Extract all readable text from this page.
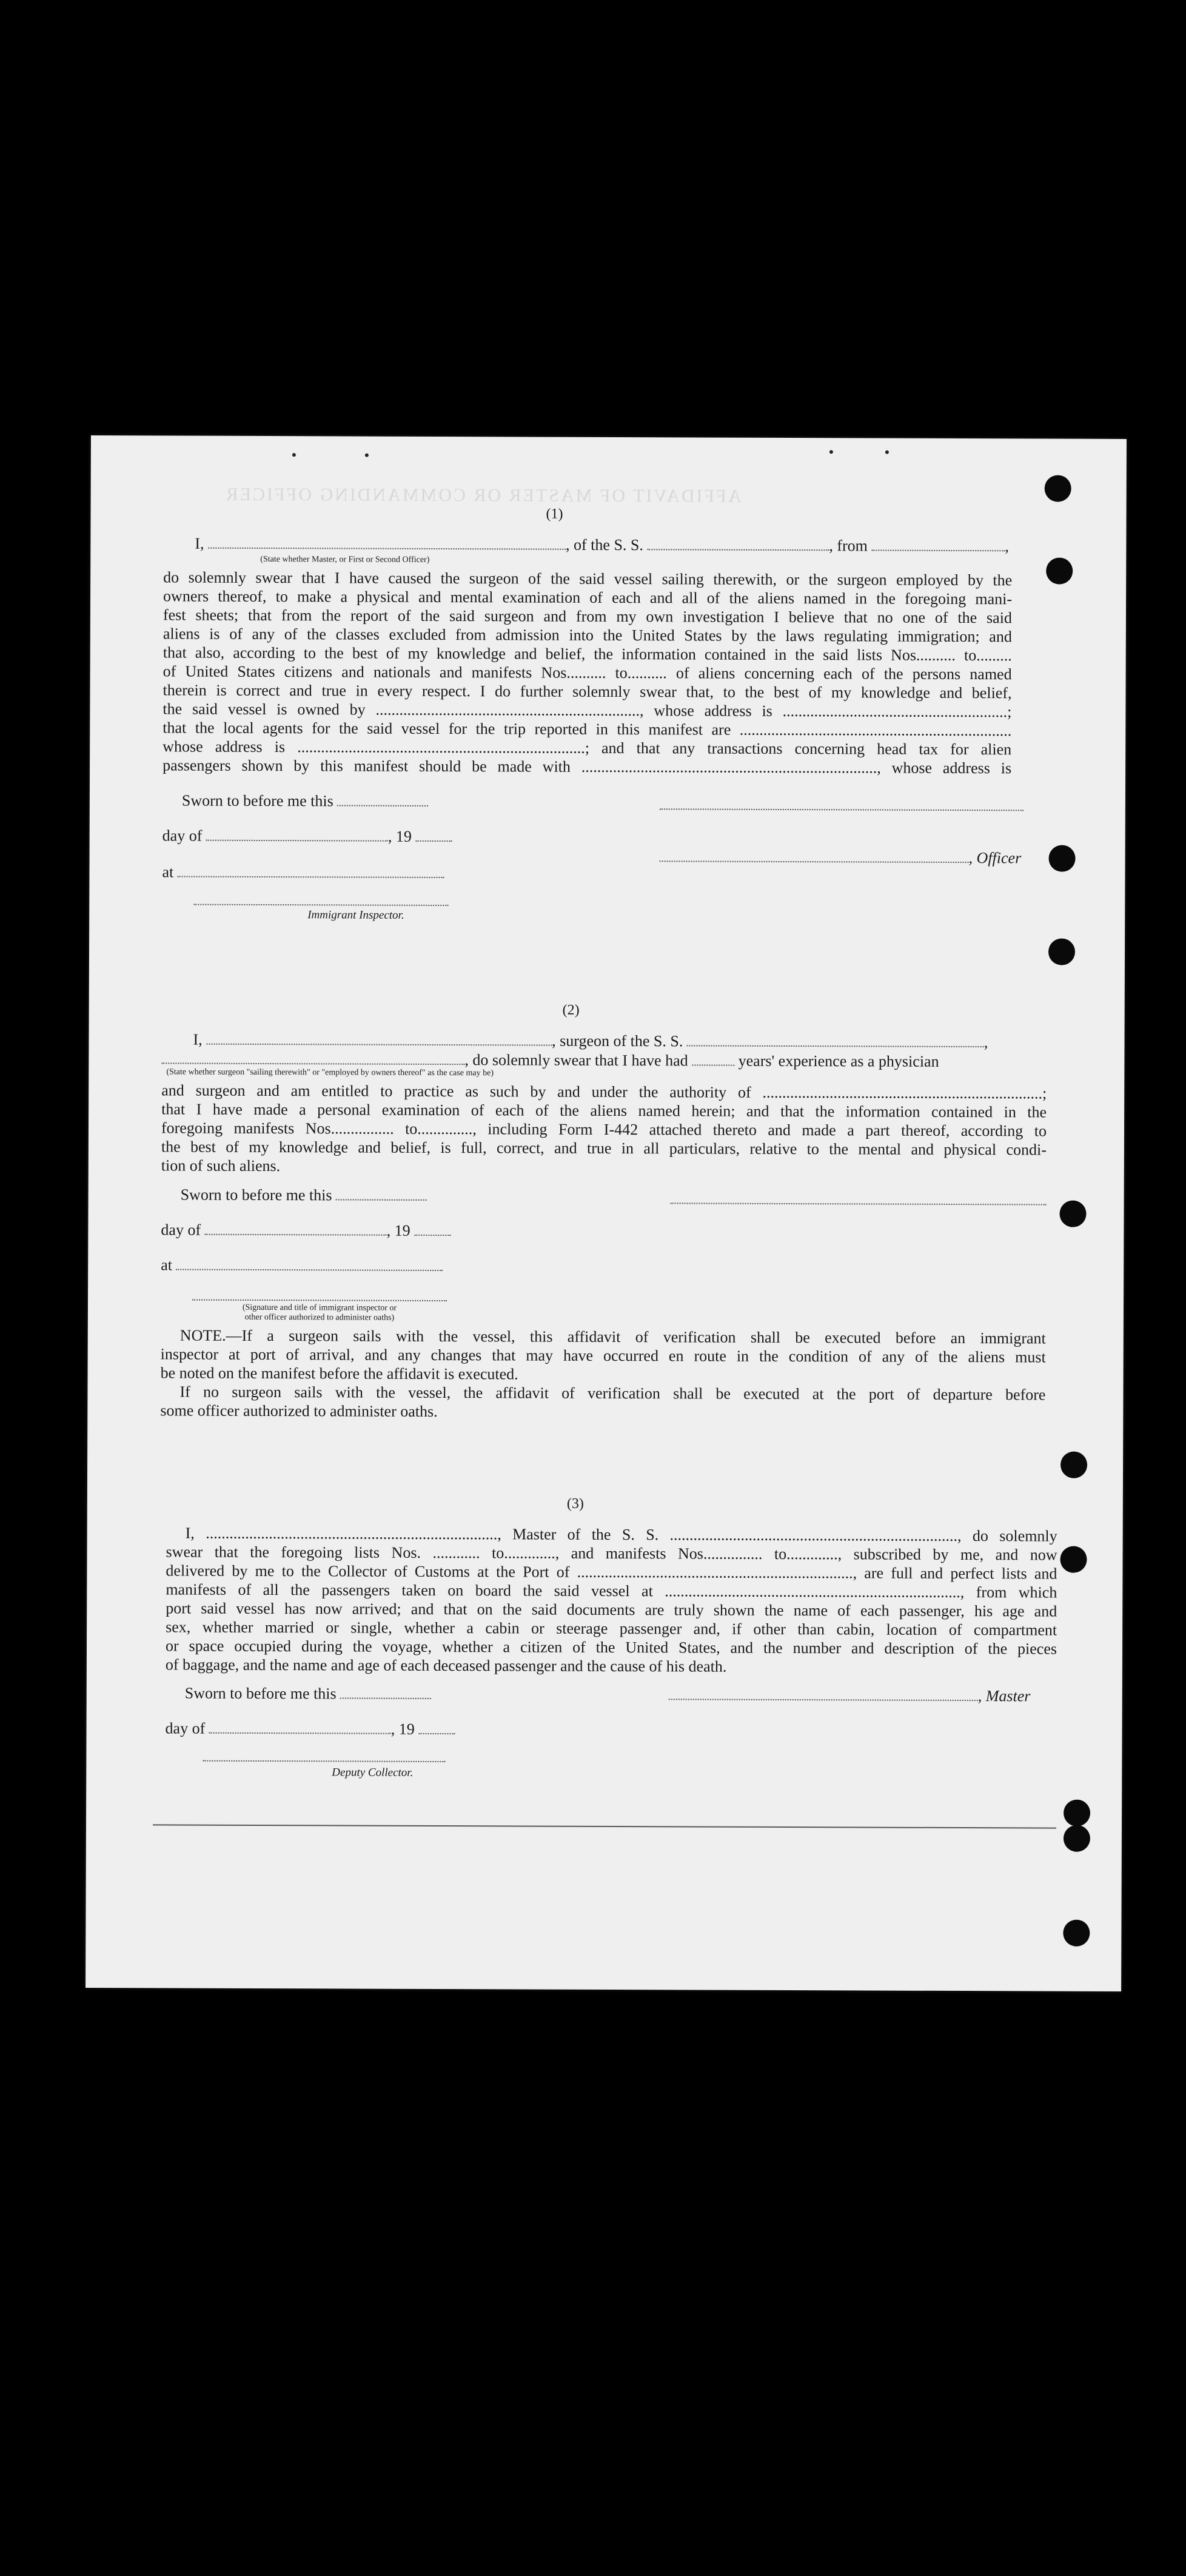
AFFIDAVIT OF MASTER OR COMMANDING OFFICER
(1)
I,	, of the S. S.	, from	,
(State whether Master, or First or Second Officer)
do solemnly swear that I have caused the surgeon of the said vessel sailing therewith, or the surgeon employed by the
owners thereof, to make a physical and mental examination of each and all of the aliens named in the foregoing mani-
fest sheets; that from the report of the said surgeon and from my own investigation I believe that no one of the said
aliens is of any of the classes excluded from admission into the United States by the laws regulating immigration; and
that also, according to the best of my knowledge and belief, the information contained in the said lists Nos.......... to.........
of United States citizens and nationals and manifests Nos.......... to.......... of aliens concerning each of the persons named
therein is correct and true in every respect. I do further solemnly swear that, to the best of my knowledge and belief,
the said vessel is owned by ..................................................................., whose address is .........................................................;
that the local agents for the said vessel for the trip reported in this manifest are .....................................................................
whose address is .........................................................................; and that any transactions concerning head tax for alien
passengers shown by this manifest should be made with ..........................................................................., whose address is
Sworn to before me this
day of	, 19
, Officer
at
Immigrant Inspector.
(2)
I,	, surgeon of the S. S.	,
, do solemnly swear that I have had	years' experience as a physician
(State whether surgeon "sailing therewith" or "employed by owners thereof" as the case may be)
and surgeon and am entitled to practice as such by and under the authority of .......................................................................;
that I have made a personal examination of each of the aliens named herein; and that the information contained in the
foregoing manifests Nos................ to.............., including Form I-442 attached thereto and made a part thereof, according to
the best of my knowledge and belief, is full, correct, and true in all particulars, relative to the mental and physical condi-
tion of such aliens.
Sworn to before me this
day of	, 19
at
(Signature and title of immigrant inspector or
other officer authorized to administer oaths)
NOTE.—If a surgeon sails with the vessel, this affidavit of verification shall be executed before an immigrant
inspector at port of arrival, and any changes that may have occurred en route in the condition of any of the aliens must
be noted on the manifest before the affidavit is executed.
If no surgeon sails with the vessel, the affidavit of verification shall be executed at the port of departure before
some officer authorized to administer oaths.
(3)
I, .........................................................................., Master of the S. S. ........................................................................., do solemnly
swear that the foregoing lists Nos. ............ to............., and manifests Nos............... to............., subscribed by me, and now
delivered by me to the Collector of Customs at the Port of ......................................................................, are full and perfect lists and
manifests of all the passengers taken on board the said vessel at ..........................................................................., from which
port said vessel has now arrived; and that on the said documents are truly shown the name of each passenger, his age and
sex, whether married or single, whether a cabin or steerage passenger and, if other than cabin, location of compartment
or space occupied during the voyage, whether a citizen of the United States, and the number and description of the pieces
of baggage, and the name and age of each deceased passenger and the cause of his death.
Sworn to before me this	, Master
day of	, 19
Deputy Collector.
